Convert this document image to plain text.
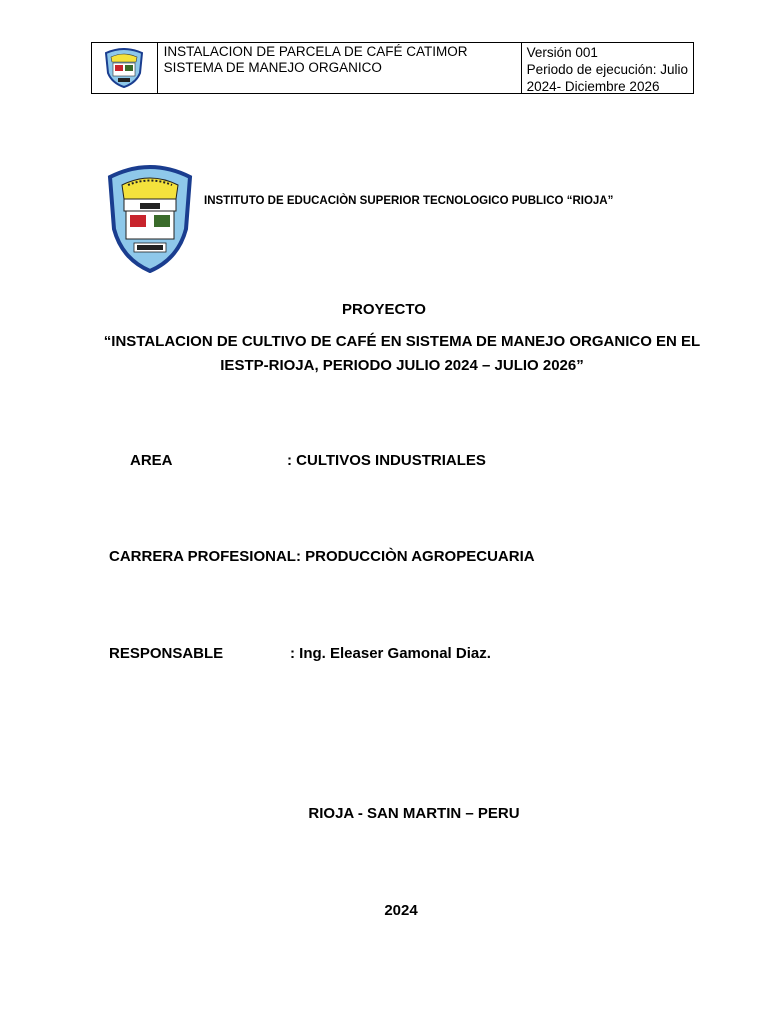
INSTALACION DE PARCELA DE CAFÉ CATIMOR SISTEMA DE MANEJO ORGANICO
Versión 001
Periodo de ejecución: Julio
2024- Diciembre 2026
INSTITUTO DE EDUCACIÒN SUPERIOR TECNOLOGICO PUBLICO “RIOJA”
PROYECTO
“INSTALACION DE CULTIVO DE CAFÉ EN SISTEMA DE MANEJO ORGANICO EN EL IESTP-RIOJA, PERIODO JULIO 2024 – JULIO 2026”
AREA	: CULTIVOS INDUSTRIALES
CARRERA PROFESIONAL: PRODUCCIÒN AGROPECUARIA
RESPONSABLE	: Ing. Eleaser Gamonal Diaz.
RIOJA - SAN MARTIN – PERU
2024
